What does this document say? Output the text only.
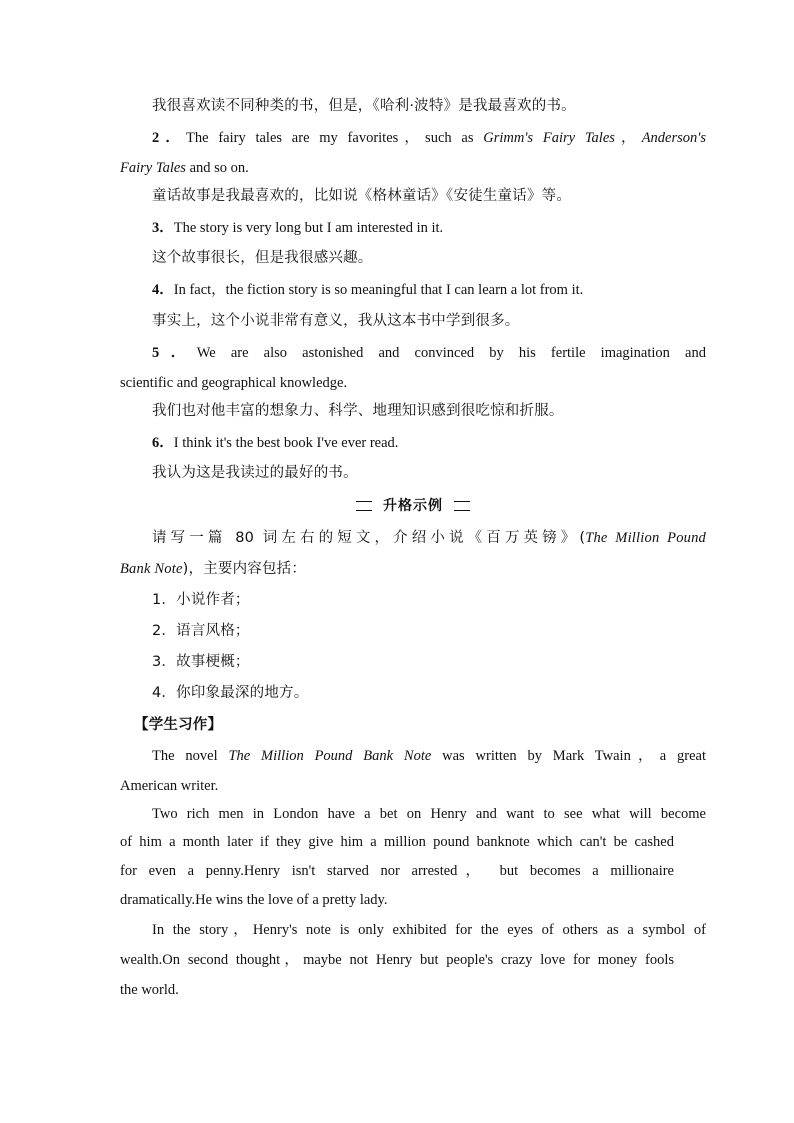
我很喜欢读不同种类的书，但是，《哈利·波特》是我最喜欢的书。
2．The fairy tales are my favorites，such as Grimm's Fairy Tales，Anderson's
Fairy Tales and so on.
童话故事是我最喜欢的，比如说《格林童话》《安徒生童话》等。
3．The story is very long but I am interested in it.
这个故事很长，但是我很感兴趣。
4．In fact，the fiction story is so meaningful that I can learn a lot from it.
事实上，这个小说非常有意义，我从这本书中学到很多。
5．We are also astonished and convinced by his fertile imagination and
scientific and geographical knowledge.
我们也对他丰富的想象力、科学、地理知识感到很吃惊和折服。
6．I think it's the best book I've ever read.
我认为这是我读过的最好的书。
升格示例
请写一篇 80 词左右的短文，介绍小说《百万英镑》(The Million Pound
Bank Note)，主要内容包括：
1．小说作者；
2．语言风格；
3．故事梗概；
4．你印象最深的地方。
【学生习作】
The novel The Million Pound Bank Note was written by Mark Twain，a great
American writer.
Two rich men in London have a bet on Henry and want to see what will become
of him a month later if they give him a million pound banknote which can't be cashed
for even a penny.Henry isn't starved nor arrested， but becomes a millionaire
dramatically.He wins the love of a pretty lady.
In the story，Henry's note is only exhibited for the eyes of others as a symbol of
wealth.On second thought，maybe not Henry but people's crazy love for money fools
the world.
